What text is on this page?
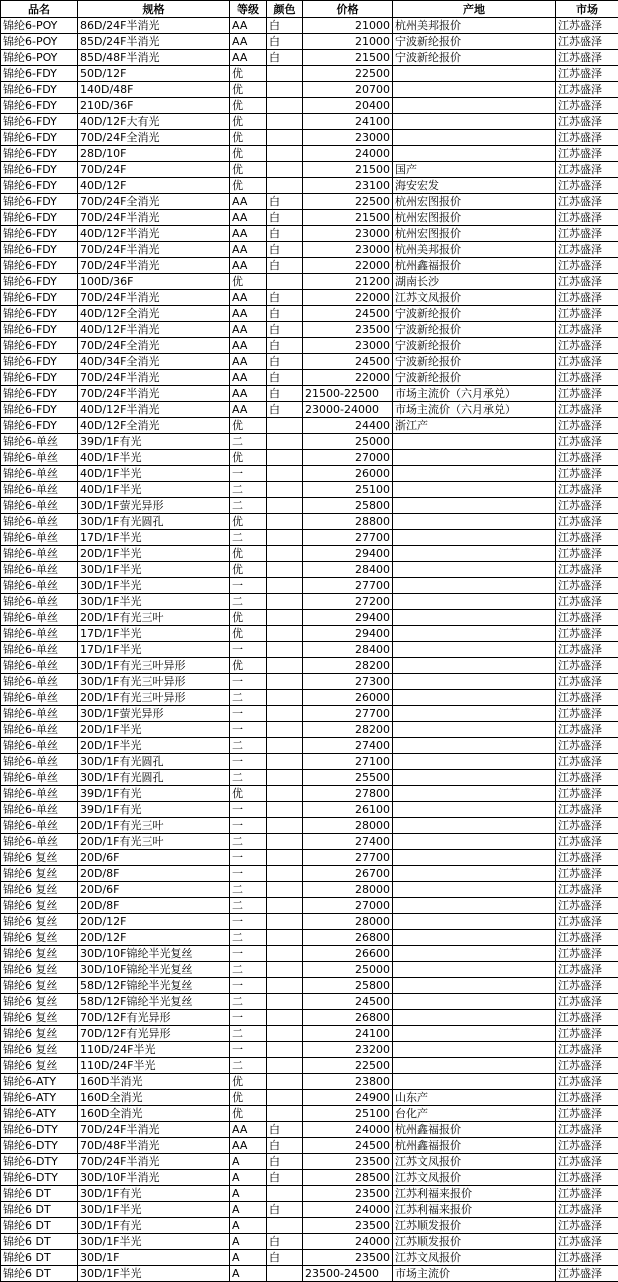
品名	规格	等级	颜色	价格	产地	市场
锦纶6-POY	86D/24F半消光	AA	白	21000	杭州美邦报价	江苏盛泽
锦纶6-POY	85D/24F半消光	AA	白	21000	宁波新纶报价	江苏盛泽
锦纶6-POY	85D/48F半消光	AA	白	21500	宁波新纶报价	江苏盛泽
锦纶6-FDY	50D/12F	优		22500		江苏盛泽
锦纶6-FDY	140D/48F	优		20700		江苏盛泽
锦纶6-FDY	210D/36F	优		20400		江苏盛泽
锦纶6-FDY	40D/12F大有光	优		24100		江苏盛泽
锦纶6-FDY	70D/24F全消光	优		23000		江苏盛泽
锦纶6-FDY	28D/10F	优		24000		江苏盛泽
锦纶6-FDY	70D/24F	优		21500	国产	江苏盛泽
锦纶6-FDY	40D/12F	优		23100	海安宏发	江苏盛泽
锦纶6-FDY	70D/24F全消光	AA	白	22500	杭州宏图报价	江苏盛泽
锦纶6-FDY	70D/24F半消光	AA	白	21500	杭州宏图报价	江苏盛泽
锦纶6-FDY	40D/12F半消光	AA	白	23000	杭州宏图报价	江苏盛泽
锦纶6-FDY	70D/24F半消光	AA	白	23000	杭州美邦报价	江苏盛泽
锦纶6-FDY	70D/24F半消光	AA	白	22000	杭州鑫福报价	江苏盛泽
锦纶6-FDY	100D/36F	优		21200	湖南长沙	江苏盛泽
锦纶6-FDY	70D/24F半消光	AA	白	22000	江苏文凤报价	江苏盛泽
锦纶6-FDY	40D/12F全消光	AA	白	24500	宁波新纶报价	江苏盛泽
锦纶6-FDY	40D/12F半消光	AA	白	23500	宁波新纶报价	江苏盛泽
锦纶6-FDY	70D/24F全消光	AA	白	23000	宁波新纶报价	江苏盛泽
锦纶6-FDY	40D/34F全消光	AA	白	24500	宁波新纶报价	江苏盛泽
锦纶6-FDY	70D/24F半消光	AA	白	22000	宁波新纶报价	江苏盛泽
锦纶6-FDY	70D/24F半消光	AA	白	21500-22500	市场主流价（六月承兑）	江苏盛泽
锦纶6-FDY	40D/12F半消光	AA	白	23000-24000	市场主流价（六月承兑）	江苏盛泽
锦纶6-FDY	40D/12F全消光	优		24400	浙江产	江苏盛泽
锦纶6-单丝	39D/1F有光	二		25000		江苏盛泽
锦纶6-单丝	40D/1F半光	优		27000		江苏盛泽
锦纶6-单丝	40D/1F半光	一		26000		江苏盛泽
锦纶6-单丝	40D/1F半光	二		25100		江苏盛泽
锦纶6-单丝	30D/1F萤光异形	二		25800		江苏盛泽
锦纶6-单丝	30D/1F有光圆孔	优		28800		江苏盛泽
锦纶6-单丝	17D/1F半光	二		27700		江苏盛泽
锦纶6-单丝	20D/1F半光	优		29400		江苏盛泽
锦纶6-单丝	30D/1F半光	优		28400		江苏盛泽
锦纶6-单丝	30D/1F半光	一		27700		江苏盛泽
锦纶6-单丝	30D/1F半光	二		27200		江苏盛泽
锦纶6-单丝	20D/1F有光三叶	优		29400		江苏盛泽
锦纶6-单丝	17D/1F半光	优		29400		江苏盛泽
锦纶6-单丝	17D/1F半光	一		28400		江苏盛泽
锦纶6-单丝	30D/1F有光三叶异形	优		28200		江苏盛泽
锦纶6-单丝	30D/1F有光三叶异形	一		27300		江苏盛泽
锦纶6-单丝	20D/1F有光三叶异形	二		26000		江苏盛泽
锦纶6-单丝	30D/1F萤光异形	一		27700		江苏盛泽
锦纶6-单丝	20D/1F半光	一		28200		江苏盛泽
锦纶6-单丝	20D/1F半光	二		27400		江苏盛泽
锦纶6-单丝	30D/1F有光圆孔	一		27100		江苏盛泽
锦纶6-单丝	30D/1F有光圆孔	二		25500		江苏盛泽
锦纶6-单丝	39D/1F有光	优		27800		江苏盛泽
锦纶6-单丝	39D/1F有光	一		26100		江苏盛泽
锦纶6-单丝	20D/1F有光三叶	一		28000		江苏盛泽
锦纶6-单丝	20D/1F有光三叶	二		27400		江苏盛泽
锦纶6 复丝	20D/6F	一		27700		江苏盛泽
锦纶6 复丝	20D/8F	一		26700		江苏盛泽
锦纶6 复丝	20D/6F	二		28000		江苏盛泽
锦纶6 复丝	20D/8F	二		27000		江苏盛泽
锦纶6 复丝	20D/12F	一		28000		江苏盛泽
锦纶6 复丝	20D/12F	二		26800		江苏盛泽
锦纶6 复丝	30D/10F锦纶半光复丝	一		26600		江苏盛泽
锦纶6 复丝	30D/10F锦纶半光复丝	二		25000		江苏盛泽
锦纶6 复丝	58D/12F锦纶半光复丝	一		25800		江苏盛泽
锦纶6 复丝	58D/12F锦纶半光复丝	二		24500		江苏盛泽
锦纶6 复丝	70D/12F有光异形	一		26800		江苏盛泽
锦纶6 复丝	70D/12F有光异形	二		24100		江苏盛泽
锦纶6 复丝	110D/24F半光	一		23200		江苏盛泽
锦纶6 复丝	110D/24F半光	二		22500		江苏盛泽
锦纶6-ATY	160D半消光	优		23800		江苏盛泽
锦纶6-ATY	160D全消光	优		24900	山东产	江苏盛泽
锦纶6-ATY	160D全消光	优		25100	台化产	江苏盛泽
锦纶6-DTY	70D/24F半消光	AA	白	24000	杭州鑫福报价	江苏盛泽
锦纶6-DTY	70D/48F半消光	AA	白	24500	杭州鑫福报价	江苏盛泽
锦纶6-DTY	70D/24F半消光	A	白	23500	江苏文凤报价	江苏盛泽
锦纶6-DTY	30D/10F半消光	A	白	28500	江苏文凤报价	江苏盛泽
锦纶6 DT	30D/1F有光	A		23500	江苏利福来报价	江苏盛泽
锦纶6 DT	30D/1F半光	A	白	24000	江苏利福来报价	江苏盛泽
锦纶6 DT	30D/1F有光	A		23500	江苏顺发报价	江苏盛泽
锦纶6 DT	30D/1F半光	A	白	24000	江苏顺发报价	江苏盛泽
锦纶6 DT	30D/1F	A	白	23500	江苏文凤报价	江苏盛泽
锦纶6 DT	30D/1F半光	A		23500-24500	市场主流价	江苏盛泽
